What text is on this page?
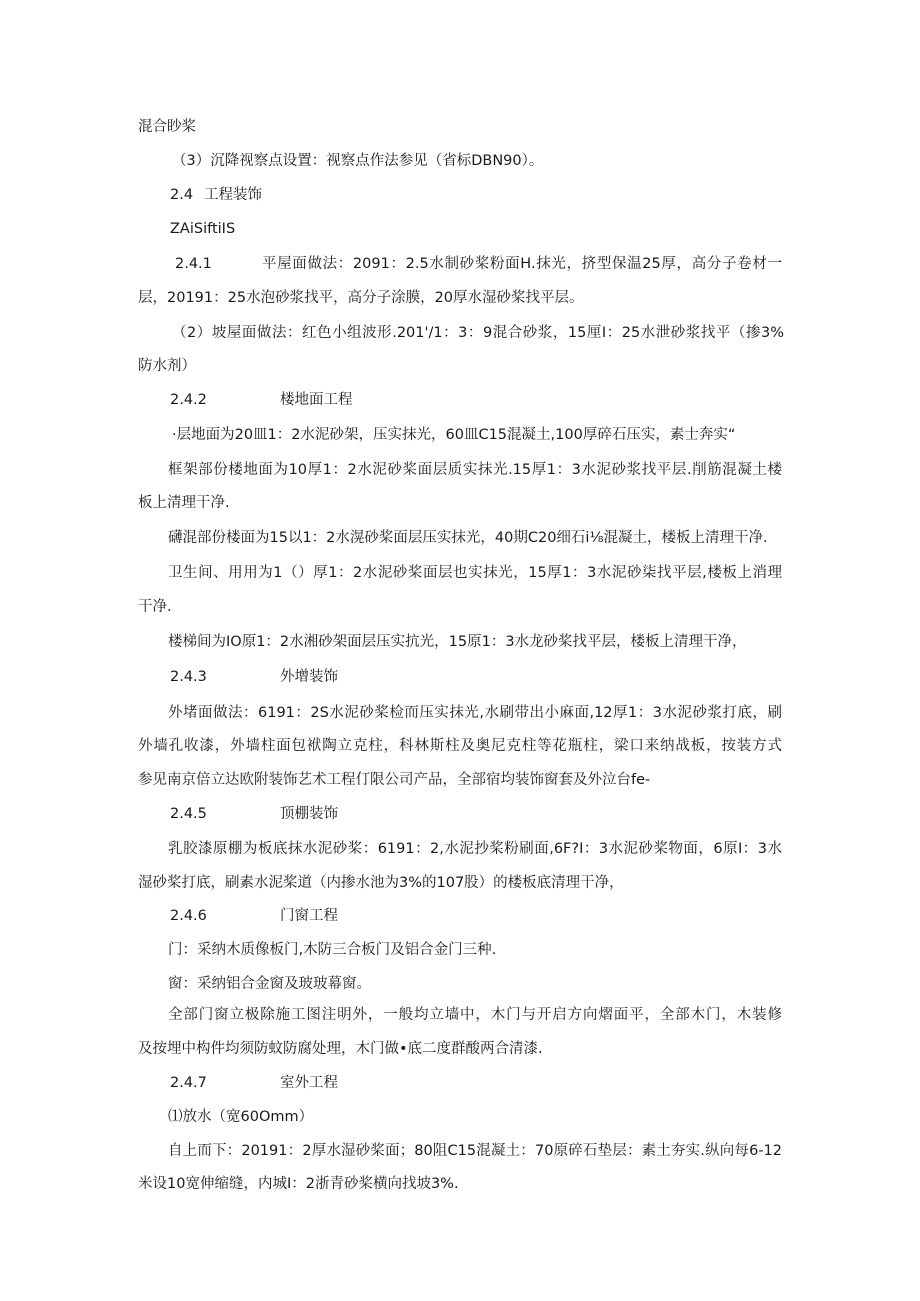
混合眇桨
（3）沉降视察点设置：视察点作法参见（省标DBN90）。
2.4 工程装饰
ZAiSiftiIS
2.4.1	平屋面做法：2091：2.5水制砂桨粉面H.抹光，挤型保温25厚，高分子卷材一
层，20191：25水泡砂浆找平，高分子涂膜，20厚水湿砂桨找平层。
（2）坡屋面做法：红色小组波形.201'/1：3：9混合砂浆，15厘I：25水泄砂浆找平（掺3%
防水剂）
2.4.2	楼地面工程
·层地面为20皿1：2水泥砂架，压实抹光，60皿C15混凝土,100厚碎石压实，素士奔实“
框架部份楼地面为10厚1：2水泥砂桨面层质实抹光.15厚1：3水泥砂浆找平层.削筋混凝土楼
板上清理干净.
礴混部份楼面为15以1：2水滉砂桨面层压实抹光，40期C20细石i⅛混凝土，楼板上清理干净.
卫生间、用用为1（）厚1：2水泥砂桨面层也实抹光，15厚1：3水泥砂柒找平层,楼板上消理
干净.
楼梯间为IO原1：2水湘砂架面层压实抗光，15原1：3水龙砂桨找平层，楼板上清理干净，
2.4.3	外增装饰
外堵面做法：6191：2S水泥砂桨检而压实抹光,水刷带出小麻面,12厚1：3水泥砂浆打底，刷
外墙孔收漆，外墙柱面包袱陶立克柱，科林斯柱及奥尼克柱等花瓶柱，梁口来纳战板，按装方式
参见南京倍立达欧附装饰艺术工程仃限公司产品，全部宿均装饰窗套及外泣台fe-
2.4.5	顶棚装饰
乳胶漆原棚为板底抹水泥砂桨：6191：2,水泥抄桨粉刷面,6F?I：3水泥砂桨物面，6原I：3水
湿砂桨打底，刷素水泥桨道（内掺水池为3%的107股）的楼板底清理干净，
2.4.6	门窗工程
门：采纳木质像板门,木防三合板门及铝合金门三种.
窗：采纳铝合金窗及玻玻幕窗。
全部门窗立极除施工图注明外，一般均立墙中，木门与开启方向熠面平，全部木门，木装修
及按埋中构件均须防蚊防腐处理，木门做•底二度群酸两合清漆.
2.4.7	室外工程
⑴放水（宽60Omm）
自上而下：20191：2厚水湿砂桨面；80阻C15混凝土：70原碎石垫层：素土夯实.纵向每6-12
米设10宽伸缩缝，内城I：2浙青砂桨横向找坡3%.
